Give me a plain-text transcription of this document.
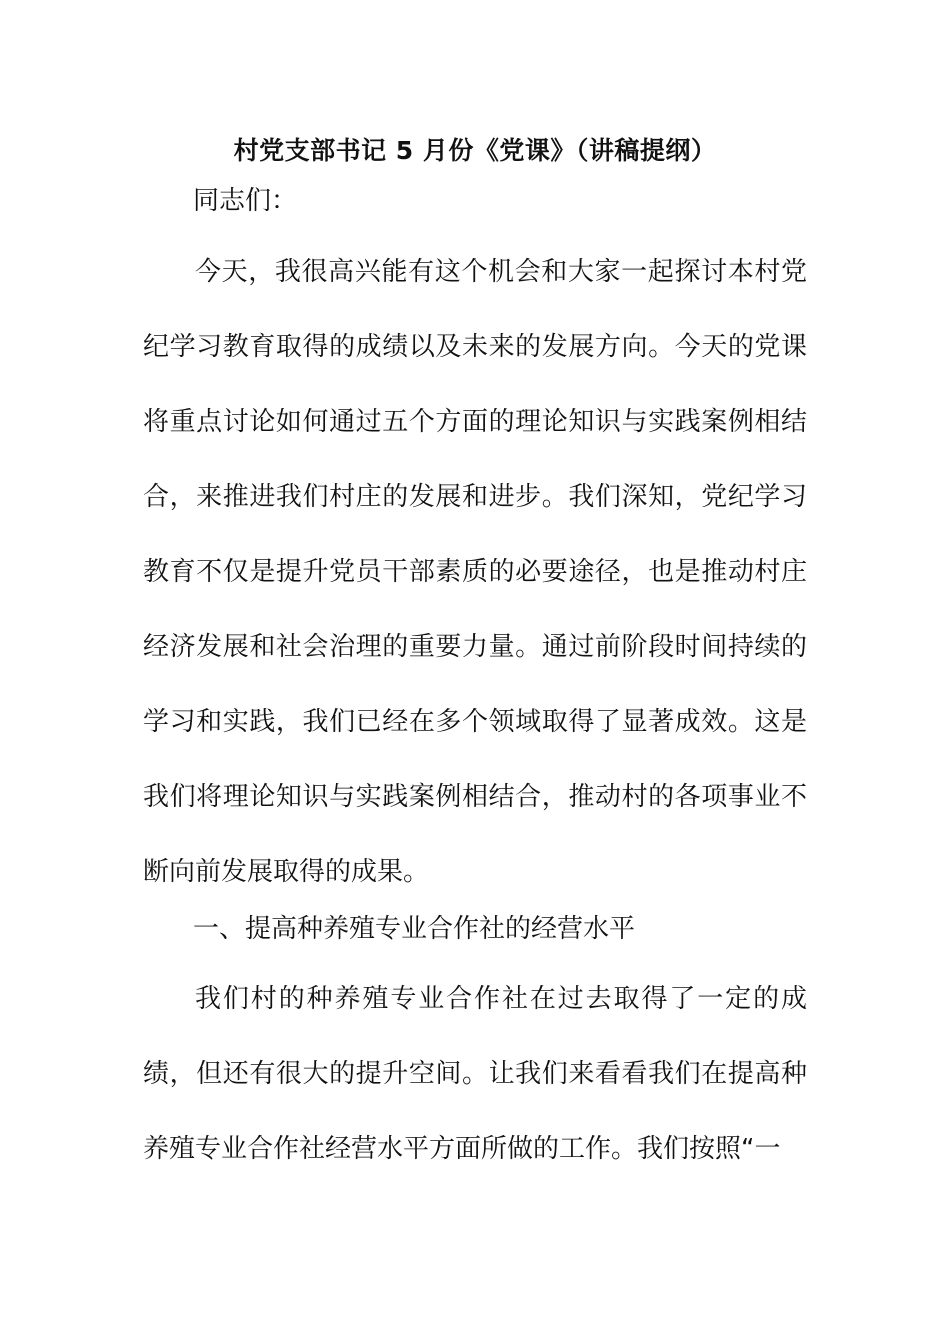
村党支部书记 5 月份《党课》（讲稿提纲）
同志们：
今天，我很高兴能有这个机会和大家一起探讨本村党纪学习教育取得的成绩以及未来的发展方向。今天的党课将重点讨论如何通过五个方面的理论知识与实践案例相结合，来推进我们村庄的发展和进步。我们深知，党纪学习教育不仅是提升党员干部素质的必要途径，也是推动村庄经济发展和社会治理的重要力量。通过前阶段时间持续的学习和实践，我们已经在多个领域取得了显著成效。这是我们将理论知识与实践案例相结合，推动村的各项事业不断向前发展取得的成果。
一、提高种养殖专业合作社的经营水平
我们村的种养殖专业合作社在过去取得了一定的成绩，但还有很大的提升空间。让我们来看看我们在提高种养殖专业合作社经营水平方面所做的工作。我们按照“一
